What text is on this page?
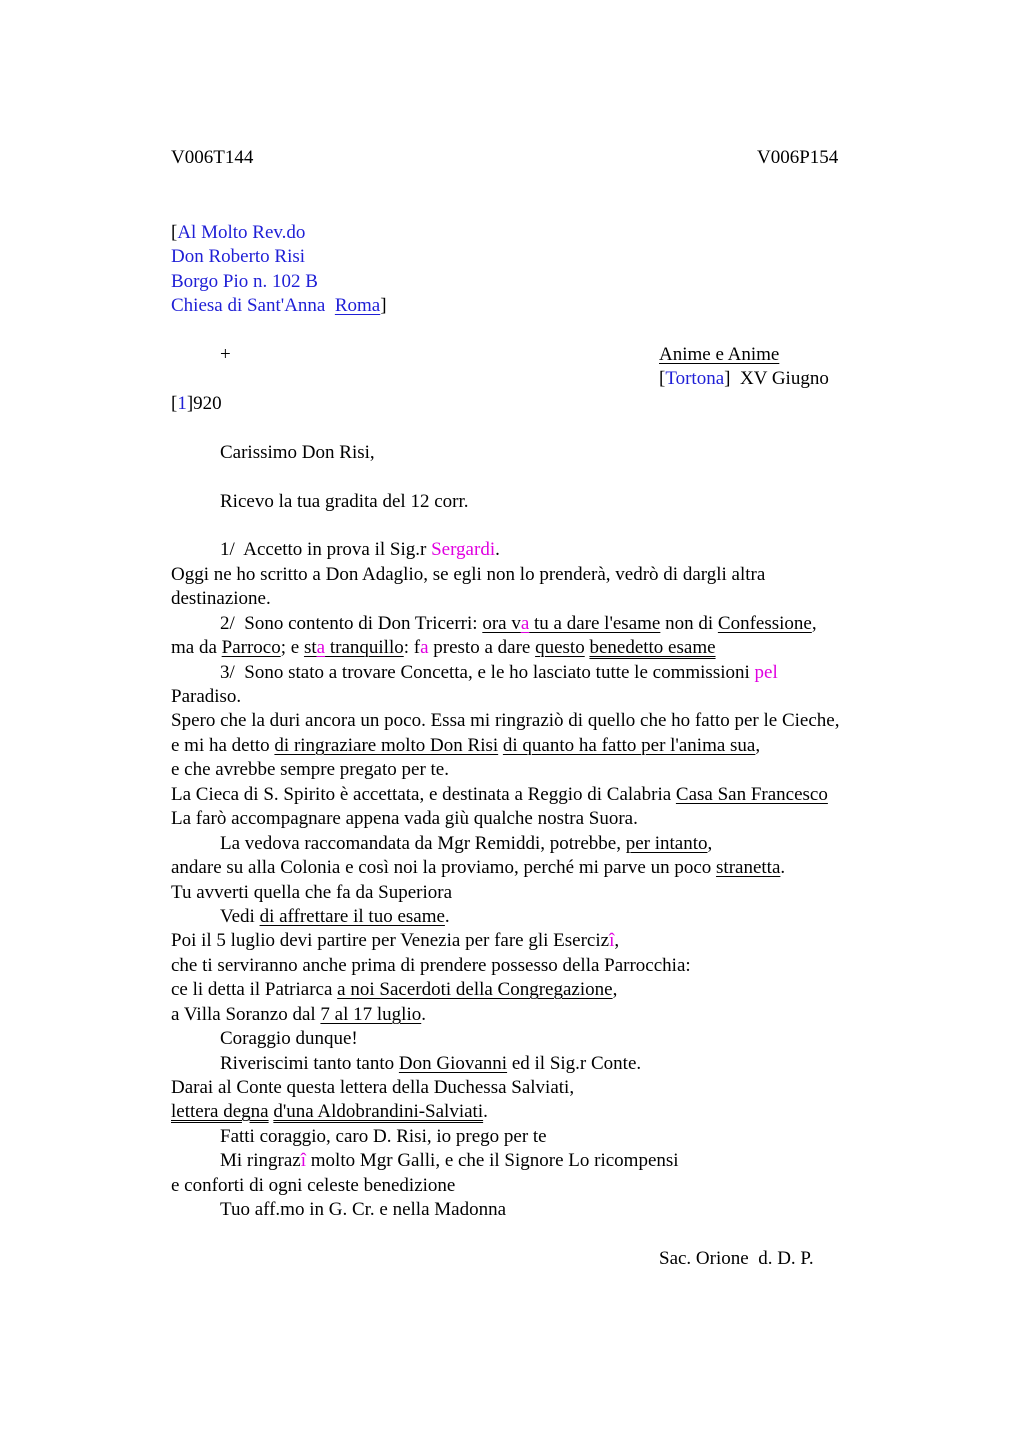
V006T144	V006P154
[Al Molto Rev.do
Don Roberto Risi
Borgo Pio n. 102 B
Chiesa di Sant'Anna Roma]
+	Anime e Anime
[Tortona] XV Giugno
[1]920
Carissimo Don Risi,
Ricevo la tua gradita del 12 corr.
1/  Accetto in prova il Sig.r Sergardi.
Oggi ne ho scritto a Don Adaglio, se egli non lo prenderà, vedrò di dargli altra
destinazione.
2/  Sono contento di Don Tricerri: ora va tu a dare l'esame non di Confessione,
ma da Parroco; e sta tranquillo: fa presto a dare questo benedetto esame
3/  Sono stato a trovare Concetta, e le ho lasciato tutte le commissioni pel
Paradiso.
Spero che la duri ancora un poco. Essa mi ringraziò di quello che ho fatto per le Cieche,
e mi ha detto di ringraziare molto Don Risi di quanto ha fatto per l'anima sua,
e che avrebbe sempre pregato per te.
La Cieca di S. Spirito è accettata, e destinata a Reggio di Calabria Casa San Francesco
La farò accompagnare appena vada giù qualche nostra Suora.
La vedova raccomandata da Mgr Remiddi, potrebbe, per intanto,
andare su alla Colonia e così noi la proviamo, perché mi parve un poco stranetta.
Tu avverti quella che fa da Superiora
Vedi di affrettare il tuo esame.
Poi il 5 luglio devi partire per Venezia per fare gli Esercizî,
che ti serviranno anche prima di prendere possesso della Parrocchia:
ce li detta il Patriarca a noi Sacerdoti della Congregazione,
a Villa Soranzo dal 7 al 17 luglio.
Coraggio dunque!
Riveriscimi tanto tanto Don Giovanni ed il Sig.r Conte.
Darai al Conte questa lettera della Duchessa Salviati,
lettera degna d'una Aldobrandini-Salviati.
Fatti coraggio, caro D. Risi, io prego per te
Mi ringrazî molto Mgr Galli, e che il Signore Lo ricompensi
e conforti di ogni celeste benedizione
Tuo aff.mo in G. Cr. e nella Madonna
Sac. Orione  d. D. P.
